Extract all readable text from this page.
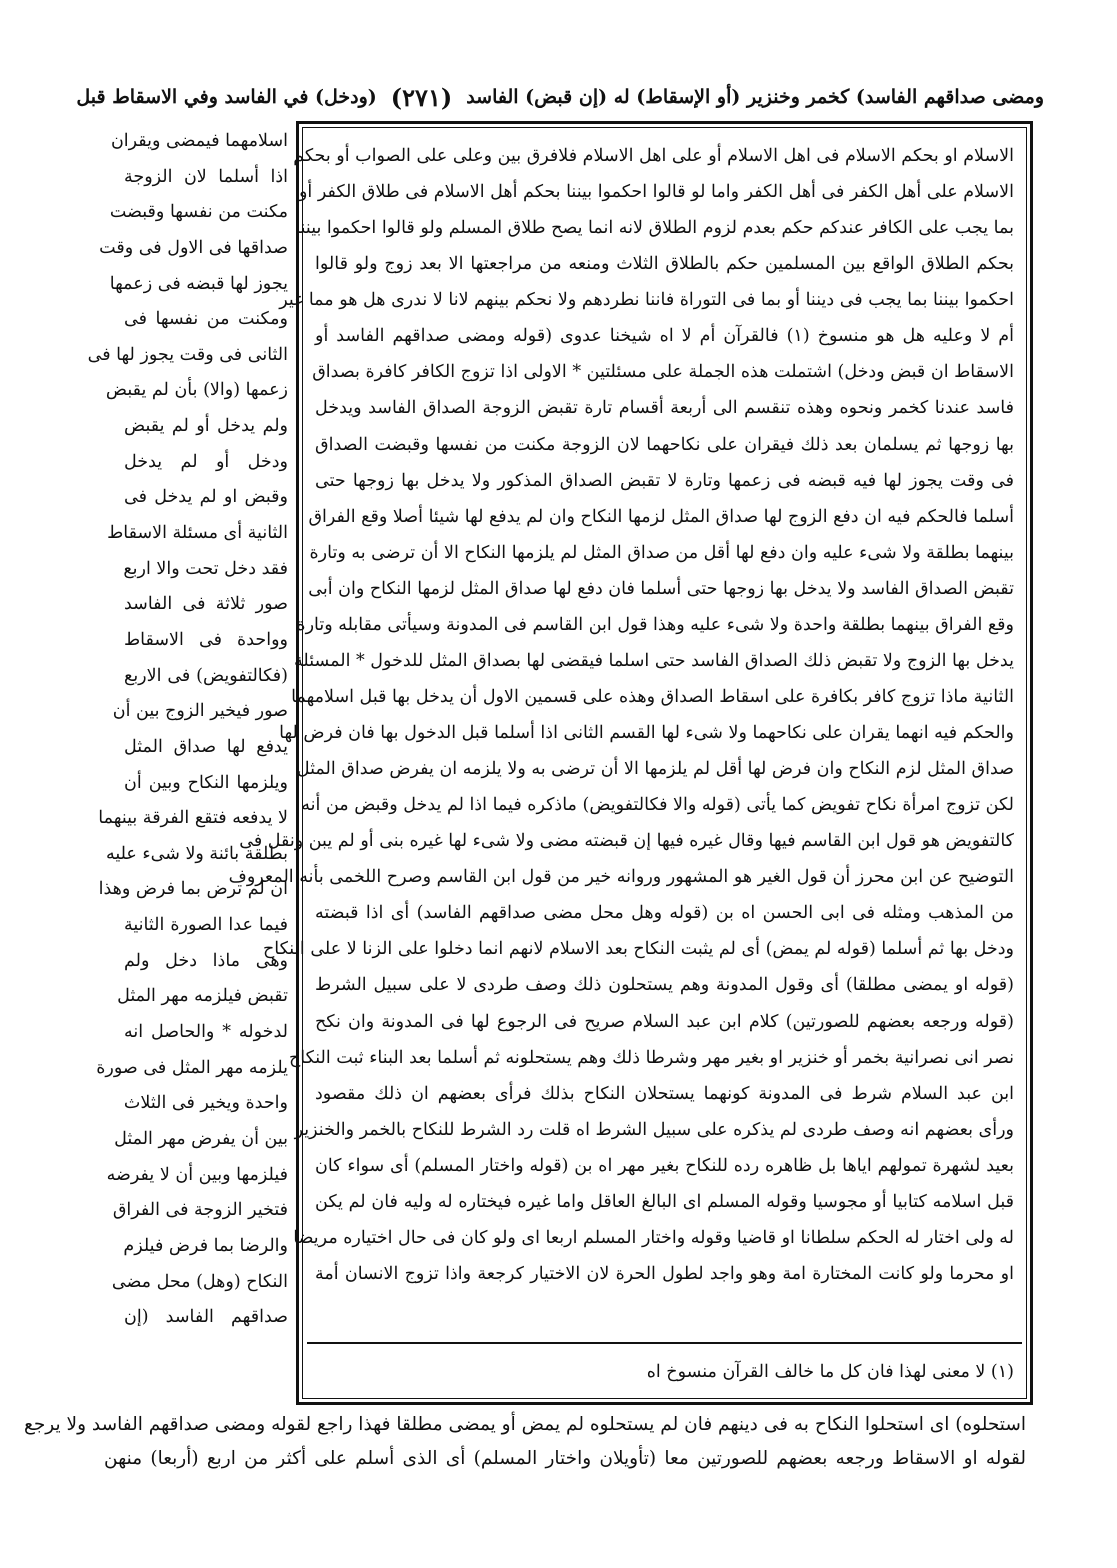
ومضى صداقهم الفاسد) كخمر وخنزير (أو الإسقاط) له (إن قبض) الفاسد
(٢٧١)
(ودخل) في الفاسد وفي الاسقاط قبل
الاسلام او بحكم الاسلام فى اهل الاسلام أو على اهل الاسلام فلافرق بين وعلى على الصواب أو بحكم
الاسلام على أهل الكفر فى أهل الكفر واما لو قالوا احكموا بيننا بحكم أهل الاسلام فى طلاق الكفر أو
بما يجب على الكافر عندكم حكم بعدم لزوم الطلاق لانه انما يصح طلاق المسلم ولو قالوا احكموا بيننا
بحكم الطلاق الواقع بين المسلمين حكم بالطلاق الثلاث ومنعه من مراجعتها الا بعد زوج ولو قالوا
احكموا بيننا بما يجب فى ديننا أو بما فى التوراة فاننا نطردهم ولا نحكم بينهم لانا لا ندرى هل هو مما غير
أم لا وعليه هل هو منسوخ (١) فالقرآن أم لا اه شيخنا عدوى (قوله ومضى صداقهم الفاسد أو
الاسقاط ان قبض ودخل) اشتملت هذه الجملة على مسئلتين * الاولى اذا تزوج الكافر كافرة بصداق
فاسد عندنا كخمر ونحوه وهذه تنقسم الى أربعة أقسام تارة تقبض الزوجة الصداق الفاسد ويدخل
بها زوجها ثم يسلمان بعد ذلك فيقران على نكاحهما لان الزوجة مكنت من نفسها وقبضت الصداق
فى وقت يجوز لها فيه قبضه فى زعمها وتارة لا تقبض الصداق المذكور ولا يدخل بها زوجها حتى
أسلما فالحكم فيه ان دفع الزوج لها صداق المثل لزمها النكاح وان لم يدفع لها شيئا أصلا وقع الفراق
بينهما بطلقة ولا شىء عليه وان دفع لها أقل من صداق المثل لم يلزمها النكاح الا أن ترضى به وتارة
تقبض الصداق الفاسد ولا يدخل بها زوجها حتى أسلما فان دفع لها صداق المثل لزمها النكاح وان أبى
وقع الفراق بينهما بطلقة واحدة ولا شىء عليه وهذا قول ابن القاسم فى المدونة وسيأتى مقابله وتارة
يدخل بها الزوج ولا تقبض ذلك الصداق الفاسد حتى اسلما فيقضى لها بصداق المثل للدخول * المسئلة
الثانية ماذا تزوج كافر بكافرة على اسقاط الصداق وهذه على قسمين الاول أن يدخل بها قبل اسلامهما
والحكم فيه انهما يقران على نكاحهما ولا شىء لها القسم الثانى اذا أسلما قبل الدخول بها فان فرض لها
صداق المثل لزم النكاح وان فرض لها أقل لم يلزمها الا أن ترضى به ولا يلزمه ان يفرض صداق المثل
لكن تزوج امرأة نكاح تفويض كما يأتى (قوله والا فكالتفويض) ماذكره فيما اذا لم يدخل وقبض من أنه
كالتفويض هو قول ابن القاسم فيها وقال غيره فيها إن قبضته مضى ولا شىء لها غيره بنى أو لم يبن ونقل فى
التوضيح عن ابن محرز أن قول الغير هو المشهور وروانه خير من قول ابن القاسم وصرح اللخمى بأنه المعروف
من المذهب ومثله فى ابى الحسن اه بن (قوله وهل محل مضى صداقهم الفاسد) أى اذا قبضته
ودخل بها ثم أسلما (قوله لم يمض) أى لم يثبت النكاح بعد الاسلام لانهم انما دخلوا على الزنا لا على النكاح
(قوله او يمضى مطلقا) أى وقول المدونة وهم يستحلون ذلك وصف طردى لا على سبيل الشرط
(قوله ورجعه بعضهم للصورتين) كلام ابن عبد السلام صريح فى الرجوع لها فى المدونة وان نكح
نصر انى نصرانية بخمر أو خنزير او بغير مهر وشرطا ذلك وهم يستحلونه ثم أسلما بعد البناء ثبت النكاح
ابن عبد السلام شرط فى المدونة كونهما يستحلان النكاح بذلك فرأى بعضهم ان ذلك مقصود
ورأى بعضهم انه وصف طردى لم يذكره على سبيل الشرط اه قلت رد الشرط للنكاح بالخمر والخنزير
بعيد لشهرة تمولهم اياها بل ظاهره رده للنكاح بغير مهر اه بن (قوله واختار المسلم) أى سواء كان
قبل اسلامه كتابيا أو مجوسيا وقوله المسلم اى البالغ العاقل واما غيره فيختاره له وليه فان لم يكن
له ولى اختار له الحكم سلطانا او قاضيا وقوله واختار المسلم اربعا اى ولو كان فى حال اختياره مريضا
او محرما ولو كانت المختارة امة وهو واجد لطول الحرة لان الاختيار كرجعة واذا تزوج الانسان أمة
(١) لا معنى لهذا فان كل ما خالف القرآن منسوخ اه
اسلامهما فيمضى ويقران
اذا أسلما لان الزوجة
مكنت من نفسها وقبضت
صداقها فى الاول فى وقت
يجوز لها قبضه فى زعمها
ومكنت من نفسها فى
الثانى فى وقت يجوز لها فى
زعمها (والا) بأن لم يقبض
ولم يدخل أو لم يقبض
ودخل أو لم يدخل
وقبض او لم يدخل فى
الثانية أى مسئلة الاسقاط
فقد دخل تحت والا اربع
صور ثلاثة فى الفاسد
وواحدة فى الاسقاط
(فكالتفويض) فى الاربع
صور فيخير الزوج بين أن
يدفع لها صداق المثل
ويلزمها النكاح وبين أن
لا يدفعه فتقع الفرقة بينهما
بطلقة بائنة ولا شىء عليه
ان لم ترض بما فرض وهذا
فيما عدا الصورة الثانية
وهى ماذا دخل ولم
تقبض فيلزمه مهر المثل
لدخوله * والحاصل انه
يلزمه مهر المثل فى صورة
واحدة ويخير فى الثلاث
بين أن يفرض مهر المثل
فيلزمها وبين أن لا يفرضه
فتخير الزوجة فى الفراق
والرضا بما فرض فيلزم
النكاح (وهل) محل مضى
صداقهم الفاسد (إن
استحلوه) اى استحلوا النكاح به فى دينهم فان لم يستحلوه لم يمض أو يمضى مطلقا فهذا راجع لقوله ومضى صداقهم الفاسد ولا يرجع
لقوله او الاسقاط ورجعه بعضهم للصورتين معا (تأويلان واختار المسلم) أى الذى أسلم على أكثر من اربع (أربعا) منهن
